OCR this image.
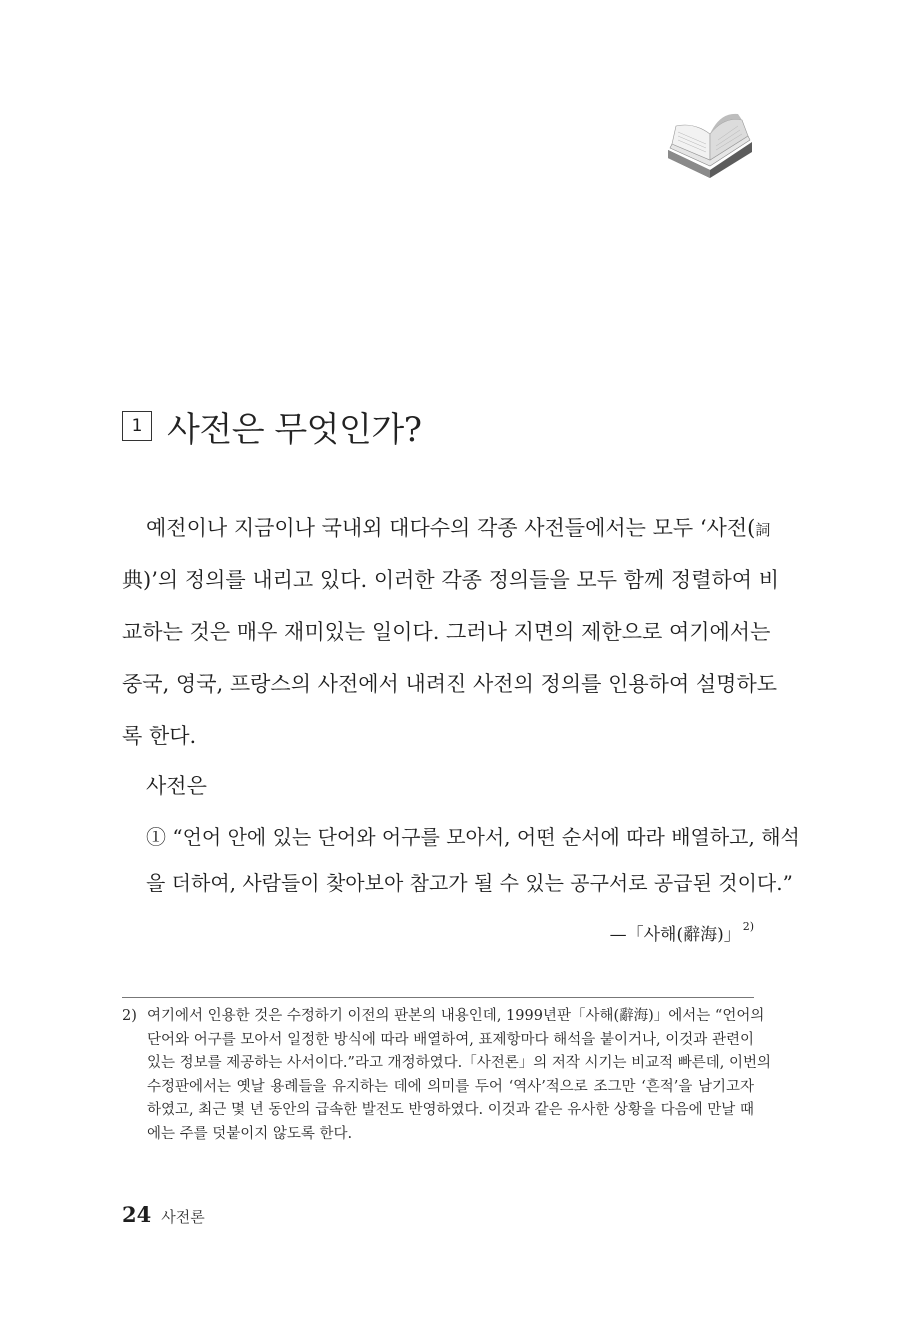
1 사전은 무엇인가?
예전이나 지금이나 국내외 대다수의 각종 사전들에서는 모두 ‘사전(詞
典)’의 정의를 내리고 있다. 이러한 각종 정의들을 모두 함께 정렬하여 비
교하는 것은 매우 재미있는 일이다. 그러나 지면의 제한으로 여기에서는
중국, 영국, 프랑스의 사전에서 내려진 사전의 정의를 인용하여 설명하도
록 한다.
사전은
① “언어 안에 있는 단어와 어구를 모아서, 어떤 순서에 따라 배열하고, 해석
을 더하여, 사람들이 찾아보아 참고가 될 수 있는 공구서로 공급된 것이다.”
—「사해(辭海)」 $^{2)}$
2) 여기에서 인용한 것은 수정하기 이전의 판본의 내용인데, 1999년판「사해(辭海)」에서는 “언어의
단어와 어구를 모아서 일정한 방식에 따라 배열하여, 표제항마다 해석을 붙이거나, 이것과 관련이
있는 정보를 제공하는 사서이다.”라고 개정하였다.「사전론」의 저작 시기는 비교적 빠른데, 이번의
수정판에서는 옛날 용례들을 유지하는 데에 의미를 두어 ‘역사’적으로 조그만 ‘흔적’을 남기고자
하였고, 최근 몇 년 동안의 급속한 발전도 반영하였다. 이것과 같은 유사한 상황을 다음에 만날 때
에는 주를 덧붙이지 않도록 한다.
24 사전론
